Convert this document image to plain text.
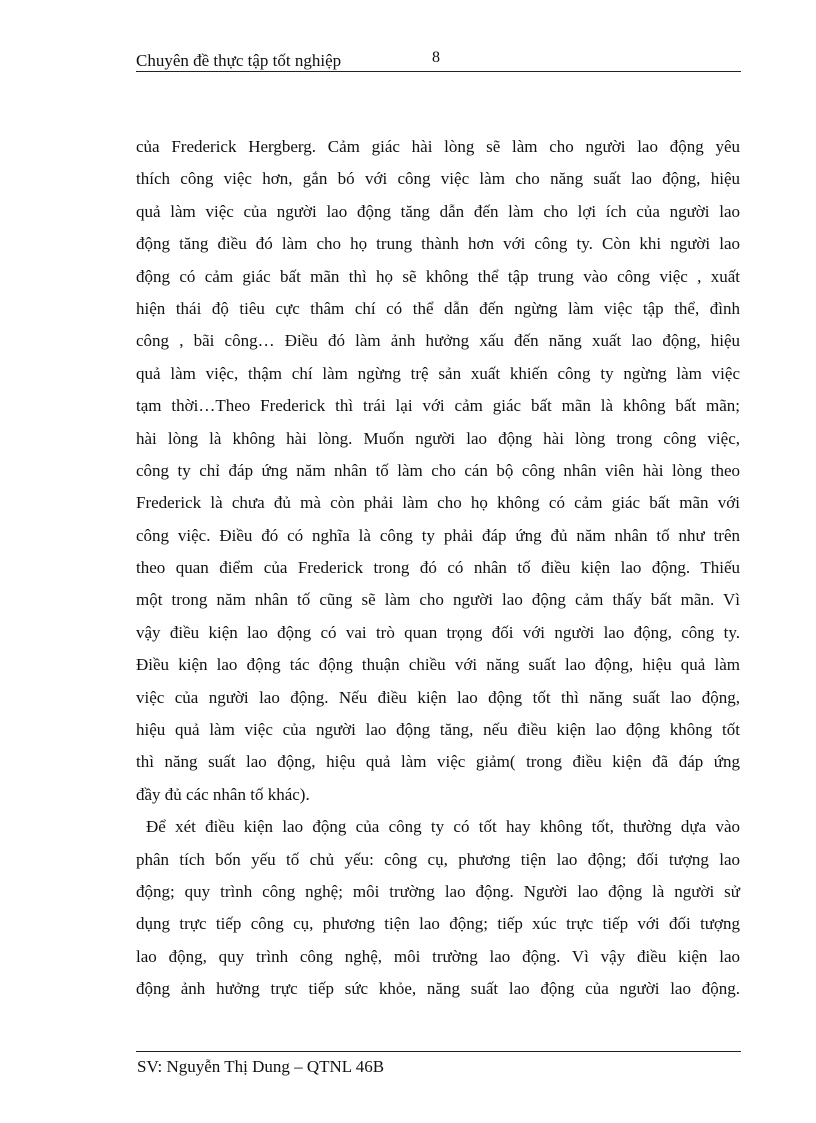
Chuyên đề thực tập tốt nghiệp	8
của Frederick Hergberg. Cảm giác hài lòng sẽ làm cho người lao động yêu
thích công việc hơn, gắn bó với công việc làm cho năng suất lao động, hiệu
quả làm việc của người lao động tăng dẫn đến làm cho lợi ích của người lao
động tăng điều đó làm cho họ trung thành hơn với công ty. Còn khi người lao
động có cảm giác bất mãn thì họ sẽ không thể tập trung vào công việc , xuất
hiện thái độ tiêu cực thâm chí có thể dẫn đến ngừng làm việc tập thể, đình
công , bãi công… Điều đó làm ảnh hưởng xấu đến năng xuất lao động, hiệu
quả làm việc, thậm chí làm ngừng trệ sản xuất khiến công ty ngừng làm việc
tạm thời…Theo Frederick thì trái lại với cảm giác bất mãn là không bất mãn;
hài lòng là không hài lòng. Muốn người lao động hài lòng trong công việc,
công ty chỉ đáp ứng năm nhân tố làm cho cán bộ công nhân viên hài lòng theo
Frederick là chưa đủ mà còn phải làm cho họ không có cảm giác bất mãn với
công việc. Điều đó có nghĩa là công ty phải đáp ứng đủ năm nhân tố như trên
theo quan điểm của Frederick trong đó có nhân tố điều kiện lao động. Thiếu
một trong năm nhân tố cũng sẽ làm cho người lao động cảm thấy bất mãn. Vì
vậy điều kiện lao động có vai trò quan trọng đối với người lao động, công ty.
Điều kiện lao động tác động thuận chiều với năng suất lao động, hiệu quả làm
việc của người lao động. Nếu điều kiện lao động tốt thì năng suất lao động,
hiệu quả làm việc của người lao động tăng, nếu điều kiện lao động không tốt
thì năng suất lao động, hiệu quả làm việc giảm( trong điều kiện đã đáp ứng
đầy đủ các nhân tố khác).
Để xét điều kiện lao động của công ty có tốt hay không tốt, thường dựa vào
phân tích bốn yếu tố chủ yếu: công cụ, phương tiện lao động; đối tượng lao
động; quy trình công nghệ; môi trường lao động. Người lao động là người sử
dụng trực tiếp công cụ, phương tiện lao động; tiếp xúc trực tiếp với đối tượng
lao động, quy trình công nghệ, môi trường lao động. Vì vậy điều kiện lao
động ảnh hưởng trực tiếp sức khỏe, năng suất lao động của người lao động.
SV: Nguyễn Thị Dung – QTNL 46B
